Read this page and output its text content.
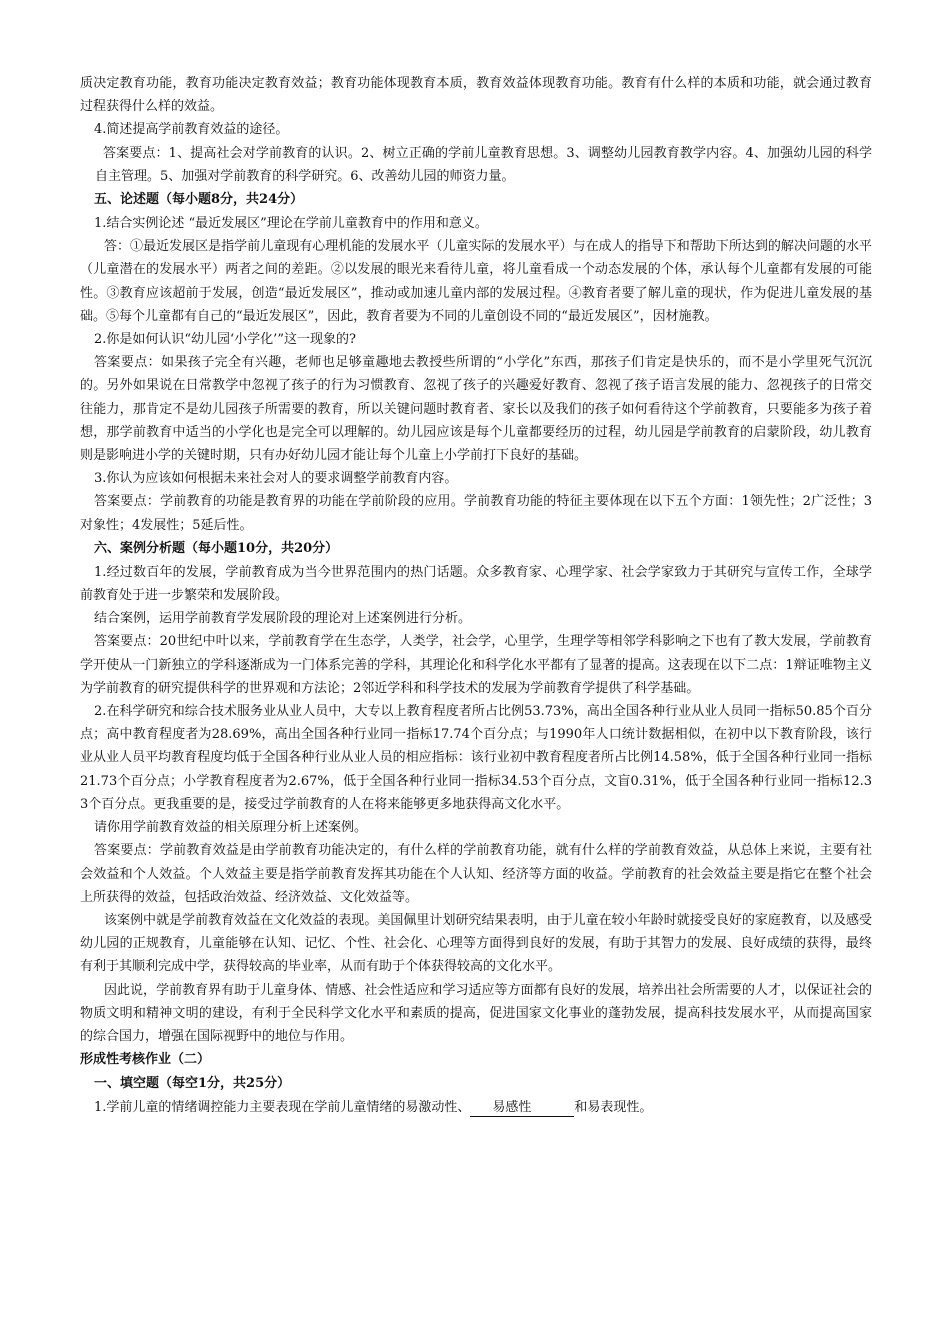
质决定教育功能，教育功能决定教育效益；教育功能体现教育本质，教育效益体现教育功能。教育有什么样的本质和功能，就会通过教育过程获得什么样的效益。

4.简述提高学前教育效益的途径。

答案要点：1、提高社会对学前教育的认识。2、树立正确的学前儿童教育思想。3、调整幼儿园教育教学内容。4、加强幼儿园的科学自主管理。5、加强对学前教育的科学研究。6、改善幼儿园的师资力量。

五、论述题（每小题8分，共24分）

1.结合实例论述 “最近发展区”理论在学前儿童教育中的作用和意义。

答：①最近发展区是指学前儿童现有心理机能的发展水平（儿童实际的发展水平）与在成人的指导下和帮助下所达到的解决问题的水平（儿童潜在的发展水平）两者之间的差距。②以发展的眼光来看待儿童，将儿童看成一个动态发展的个体，承认每个儿童都有发展的可能性。③教育应该超前于发展，创造“最近发展区”，推动或加速儿童内部的发展过程。④教育者要了解儿童的现状，作为促进儿童发展的基础。⑤每个儿童都有自己的“最近发展区”，因此，教育者要为不同的儿童创设不同的“最近发展区”，因材施教。

2.你是如何认识“幼儿园‘小学化’”这一现象的?

答案要点：如果孩子完全有兴趣，老师也足够童趣地去教授些所谓的“小学化”东西，那孩子们肯定是快乐的，而不是小学里死气沉沉的。另外如果说在日常教学中忽视了孩子的行为习惯教育、忽视了孩子的兴趣爱好教育、忽视了孩子语言发展的能力、忽视孩子的日常交往能力，那肯定不是幼儿园孩子所需要的教育，所以关键问题时教育者、家长以及我们的孩子如何看待这个学前教育，只要能多为孩子着想，那学前教育中适当的小学化也是完全可以理解的。幼儿园应该是每个儿童都要经历的过程，幼儿园是学前教育的启蒙阶段，幼儿教育则是影响进小学的关键时期，只有办好幼儿园才能让每个儿童上小学前打下良好的基础。

3.你认为应该如何根据未来社会对人的要求调整学前教育内容。

答案要点：学前教育的功能是教育界的功能在学前阶段的应用。学前教育功能的特征主要体现在以下五个方面：1领先性；2广泛性；3对象性；4发展性；5延后性。

六、案例分析题（每小题10分，共20分）

1.经过数百年的发展，学前教育成为当今世界范围内的热门话题。众多教育家、心理学家、社会学家致力于其研究与宣传工作，全球学前教育处于进一步繁荣和发展阶段。

结合案例，运用学前教育学发展阶段的理论对上述案例进行分析。

答案要点：20世纪中叶以来，学前教育学在生态学，人类学，社会学，心里学，生理学等相邻学科影响之下也有了教大发展，学前教育学开使从一门新独立的学科逐渐成为一门体系完善的学科，其理论化和科学化水平都有了显著的提高。这表现在以下二点：1辩证唯物主义为学前教育的研究提供科学的世界观和方法论；2邻近学科和科学技术的发展为学前教育学提供了科学基础。

2.在科学研究和综合技术服务业从业人员中，大专以上教育程度者所占比例53.73%，高出全国各种行业从业人员同一指标50.85个百分点；高中教育程度者为28.69%，高出全国各种行业同一指标17.74个百分点；与1990年人口统计数据相似，在初中以下教育阶段，该行业从业人员平均教育程度均低于全国各种行业从业人员的相应指标：该行业初中教育程度者所占比例14.58%，低于全国各种行业同一指标21.73个百分点；小学教育程度者为2.67%，低于全国各种行业同一指标34.53个百分点，文盲0.31%，低于全国各种行业同一指标12.33个百分点。更我重要的是，接受过学前教育的人在将来能够更多地获得高文化水平。

请你用学前教育效益的相关原理分析上述案例。

答案要点：学前教育效益是由学前教育功能决定的，有什么样的学前教育功能，就有什么样的学前教育效益，从总体上来说，主要有社会效益和个人效益。个人效益主要是指学前教育发挥其功能在个人认知、经济等方面的收益。学前教育的社会效益主要是指它在整个社会上所获得的效益，包括政治效益、经济效益、文化效益等。

该案例中就是学前教育效益在文化效益的表现。美国佩里计划研究结果表明，由于儿童在较小年龄时就接受良好的家庭教育，以及感受幼儿园的正规教育，儿童能够在认知、记忆、个性、社会化、心理等方面得到良好的发展，有助于其智力的发展、良好成绩的获得，最终有利于其顺利完成中学，获得较高的毕业率，从而有助于个体获得较高的文化水平。

因此说，学前教育界有助于儿童身体、情感、社会性适应和学习适应等方面都有良好的发展，培养出社会所需要的人才，以保证社会的物质文明和精神文明的建设，有利于全民科学文化水平和素质的提高，促进国家文化事业的蓬勃发展，提高科技发展水平，从而提高国家的综合国力，增强在国际视野中的地位与作用。

形成性考核作业（二）
一、填空题（每空1分，共25分）

1.学前儿童的情绪调控能力主要表现在学前儿童情绪的易激动性、 易感性	和易表现性。
